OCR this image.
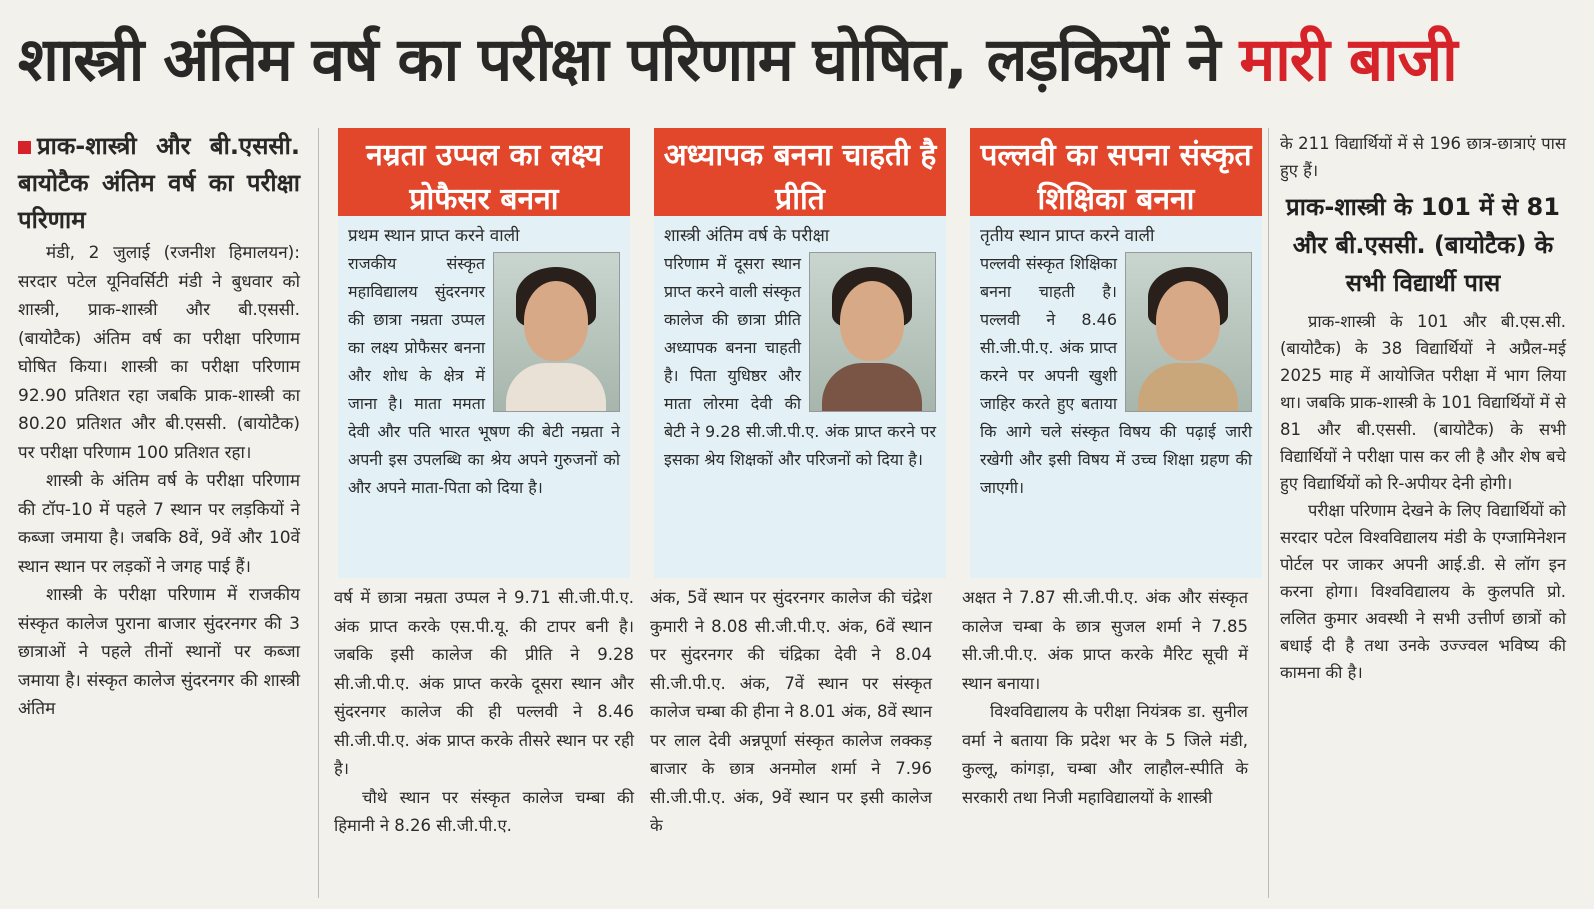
शास्त्री अंतिम वर्ष का परीक्षा परिणाम घोषित, लड़कियों ने मारी बाजी

प्राक-शास्त्री और बी.एससी. बायोटैक अंतिम वर्ष का परीक्षा परिणाम

मंडी, 2 जुलाई (रजनीश हिमालयन): सरदार पटेल यूनिवर्सिटी मंडी ने बुधवार को शास्त्री, प्राक-शास्त्री और बी.एससी. (बायोटैक) अंतिम वर्ष का परीक्षा परिणाम घोषित किया। शास्त्री का परीक्षा परिणाम 92.90 प्रतिशत रहा जबकि प्राक-शास्त्री का 80.20 प्रतिशत और बी.एससी. (बायोटैक) पर परीक्षा परिणाम 100 प्रतिशत रहा।

शास्त्री के अंतिम वर्ष के परीक्षा परिणाम की टॉप-10 में पहले 7 स्थान पर लड़कियों ने कब्जा जमाया है। जबकि 8वें, 9वें और 10वें स्थान स्थान पर लड़कों ने जगह पाई हैं।

शास्त्री के परीक्षा परिणाम में राजकीय संस्कृत कालेज पुराना बाजार सुंदरनगर की 3 छात्राओं ने पहले तीनों स्थानों पर कब्जा जमाया है। संस्कृत कालेज सुंदरनगर की शास्त्री अंतिम

नम्रता उप्पल का लक्ष्य प्रोफैसर बनना
प्रथम स्थान प्राप्त करने वाली
राजकीय संस्कृत महाविद्यालय सुंदरनगर की छात्रा नम्रता उप्पल का लक्ष्य प्रोफैसर बनना और शोध के क्षेत्र में जाना है। माता ममता देवी और पति भारत भूषण की बेटी नम्रता ने अपनी इस उपलब्धि का श्रेय अपने गुरुजनों को और अपने माता-पिता को दिया है।
अध्यापक बनना चाहती है प्रीति
शास्त्री अंतिम वर्ष के परीक्षा
परिणाम में दूसरा स्थान प्राप्त करने वाली संस्कृत कालेज की छात्रा प्रीति अध्यापक बनना चाहती है। पिता युधिष्ठर और माता लोरमा देवी की बेटी ने 9.28 सी.जी.पी.ए. अंक प्राप्त करने पर इसका श्रेय शिक्षकों और परिजनों को दिया है।
पल्लवी का सपना संस्कृत शिक्षिका बनना
तृतीय स्थान प्राप्त करने वाली
पल्लवी संस्कृत शिक्षिका बनना चाहती है। पल्लवी ने 8.46 सी.जी.पी.ए. अंक प्राप्त करने पर अपनी खुशी जाहिर करते हुए बताया कि आगे चले संस्कृत विषय की पढ़ाई जारी रखेगी और इसी विषय में उच्च शिक्षा ग्रहण की जाएगी।

वर्ष में छात्रा नम्रता उप्पल ने 9.71 सी.जी.पी.ए. अंक प्राप्त करके एस.पी.यू. की टापर बनी है। जबकि इसी कालेज की प्रीति ने 9.28 सी.जी.पी.ए. अंक प्राप्त करके दूसरा स्थान और सुंदरनगर कालेज की ही पल्लवी ने 8.46 सी.जी.पी.ए. अंक प्राप्त करके तीसरे स्थान पर रही है।

चौथे स्थान पर संस्कृत कालेज चम्बा की हिमानी ने 8.26 सी.जी.पी.ए.

अंक, 5वें स्थान पर सुंदरनगर कालेज की चंद्रेश कुमारी ने 8.08 सी.जी.पी.ए. अंक, 6वें स्थान पर सुंदरनगर की चंद्रिका देवी ने 8.04 सी.जी.पी.ए. अंक, 7वें स्थान पर संस्कृत कालेज चम्बा की हीना ने 8.01 अंक, 8वें स्थान पर लाल देवी अन्नपूर्णा संस्कृत कालेज लक्कड़ बाजार के छात्र अनमोल शर्मा ने 7.96 सी.जी.पी.ए. अंक, 9वें स्थान पर इसी कालेज के

अक्षत ने 7.87 सी.जी.पी.ए. अंक और संस्कृत कालेज चम्बा के छात्र सुजल शर्मा ने 7.85 सी.जी.पी.ए. अंक प्राप्त करके मैरिट सूची में स्थान बनाया।

विश्वविद्यालय के परीक्षा नियंत्रक डा. सुनील वर्मा ने बताया कि प्रदेश भर के 5 जिले मंडी, कुल्लू, कांगड़ा, चम्बा और लाहौल-स्पीति के सरकारी तथा निजी महाविद्यालयों के शास्त्री

के 211 विद्यार्थियों में से 196 छात्र-छात्राएं पास हुए हैं।

प्राक-शास्त्री के 101 में से 81 और बी.एससी. (बायोटैक) के सभी विद्यार्थी पास

प्राक-शास्त्री के 101 और बी.एस.सी. (बायोटैक) के 38 विद्यार्थियों ने अप्रैल-मई 2025 माह में आयोजित परीक्षा में भाग लिया था। जबकि प्राक-शास्त्री के 101 विद्यार्थियों में से 81 और बी.एससी. (बायोटैक) के सभी विद्यार्थियों ने परीक्षा पास कर ली है और शेष बचे हुए विद्यार्थियों को रि-अपीयर देनी होगी।

परीक्षा परिणाम देखने के लिए विद्यार्थियों को सरदार पटेल विश्वविद्यालय मंडी के एग्जामिनेशन पोर्टल पर जाकर अपनी आई.डी. से लॉग इन करना होगा। विश्वविद्यालय के कुलपति प्रो. ललित कुमार अवस्थी ने सभी उत्तीर्ण छात्रों को बधाई दी है तथा उनके उज्ज्वल भविष्य की कामना की है।
